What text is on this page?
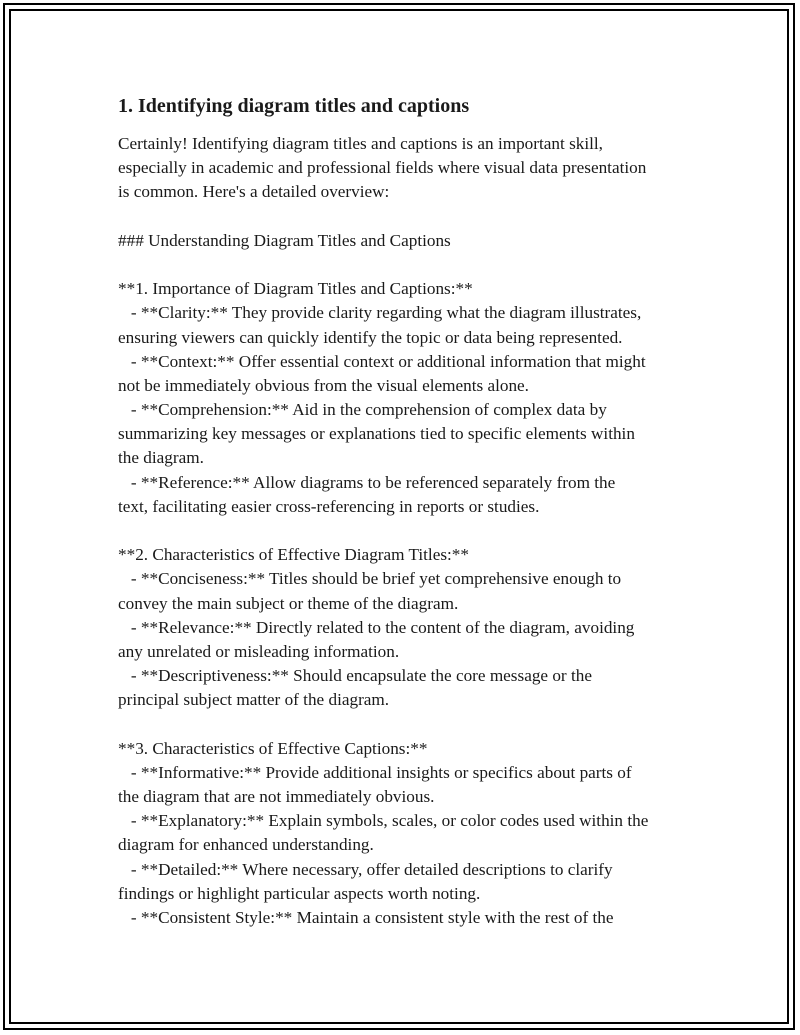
1. Identifying diagram titles and captions
Certainly! Identifying diagram titles and captions is an important skill,
especially in academic and professional fields where visual data presentation
is common. Here's a detailed overview:
### Understanding Diagram Titles and Captions
**1. Importance of Diagram Titles and Captions:**
- **Clarity:** They provide clarity regarding what the diagram illustrates,
ensuring viewers can quickly identify the topic or data being represented.
- **Context:** Offer essential context or additional information that might
not be immediately obvious from the visual elements alone.
- **Comprehension:** Aid in the comprehension of complex data by
summarizing key messages or explanations tied to specific elements within
the diagram.
- **Reference:** Allow diagrams to be referenced separately from the
text, facilitating easier cross-referencing in reports or studies.
**2. Characteristics of Effective Diagram Titles:**
- **Conciseness:** Titles should be brief yet comprehensive enough to
convey the main subject or theme of the diagram.
- **Relevance:** Directly related to the content of the diagram, avoiding
any unrelated or misleading information.
- **Descriptiveness:** Should encapsulate the core message or the
principal subject matter of the diagram.
**3. Characteristics of Effective Captions:**
- **Informative:** Provide additional insights or specifics about parts of
the diagram that are not immediately obvious.
- **Explanatory:** Explain symbols, scales, or color codes used within the
diagram for enhanced understanding.
- **Detailed:** Where necessary, offer detailed descriptions to clarify
findings or highlight particular aspects worth noting.
- **Consistent Style:** Maintain a consistent style with the rest of the
